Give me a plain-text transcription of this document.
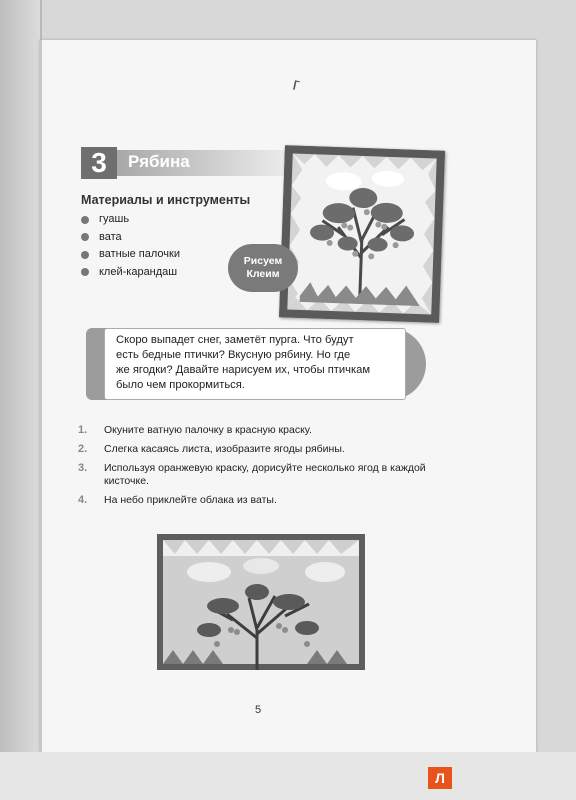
г
3	Рябина
Материалы и инструменты
гуашь
вата
ватные палочки
клей-карандаш
Рисуем
Клеим
Скоро выпадет снег, заметёт пурга. Что будут
есть бедные птички? Вкусную рябину. Но где
же ягодки? Давайте нарисуем их, чтобы птичкам
было чем прокормиться.
1.	Окуните ватную палочку в красную краску.
2.	Слегка касаясь листа, изобразите ягоды рябины.
3.	Используя оранжевую краску, дорисуйте несколько ягод в каждой кисточке.
4.	На небо приклейте облака из ваты.
5
Л
